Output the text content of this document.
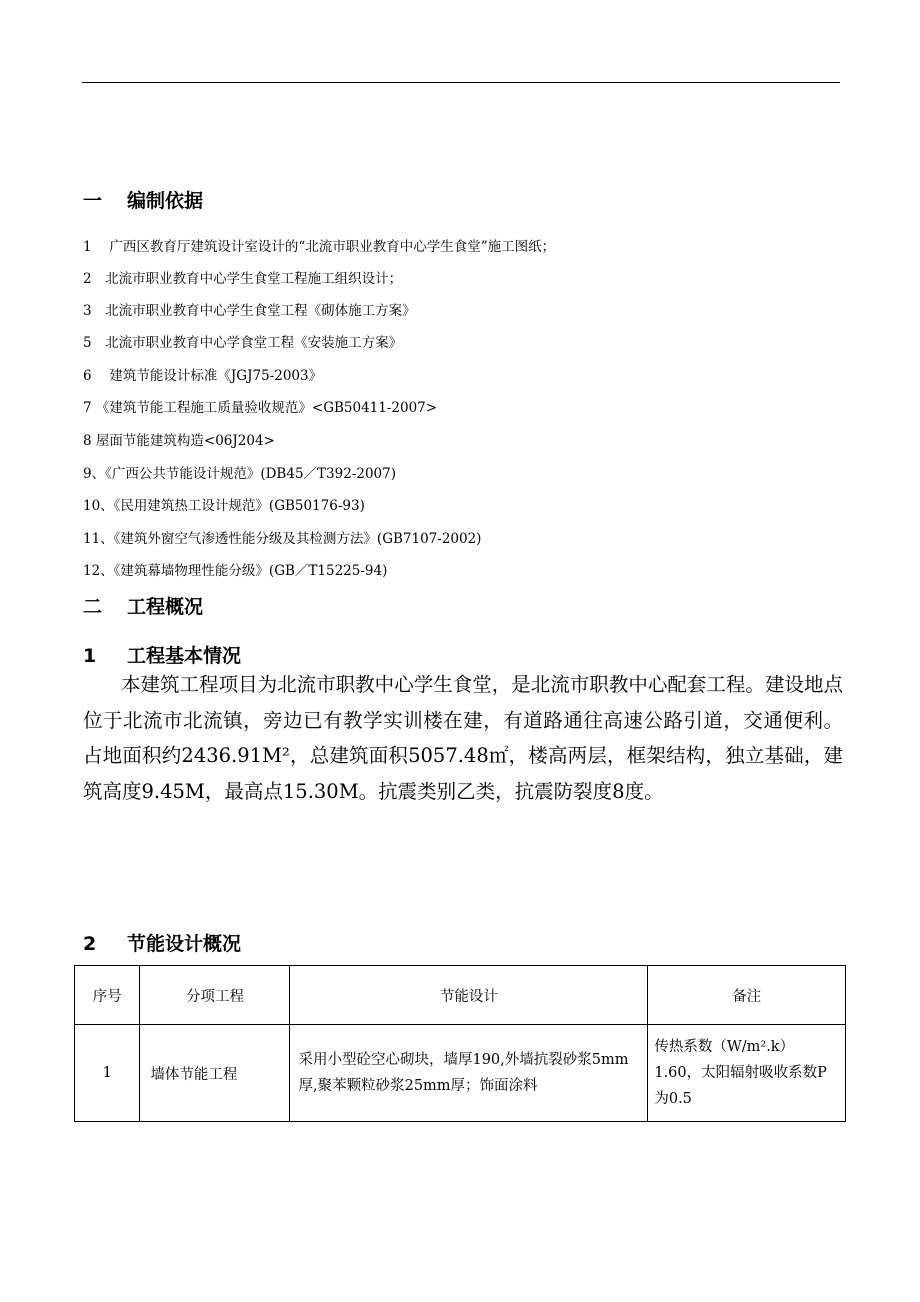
一 编制依据
1　 广西区教育厅建筑设计室设计的“北流市职业教育中心学生食堂”施工图纸；
2　北流市职业教育中心学生食堂工程施工组织设计；
3　北流市职业教育中心学生食堂工程《砌体施工方案》
5　北流市职业教育中心学食堂工程《安装施工方案》
6　 建筑节能设计标准《JGJ75-2003》
7 《建筑节能工程施工质量验收规范》<GB50411-2007>
8 屋面节能建筑构造<06J204>
9、《广西公共节能设计规范》(DB45／T392-2007)
10、《民用建筑热工设计规范》(GB50176-93)
11、《建筑外窗空气渗透性能分级及其检测方法》(GB7107-2002)
12、《建筑幕墙物理性能分级》(GB／T15225-94)
二 工程概况
1 工程基本情况

本建筑工程项目为北流市职教中心学生食堂，是北流市职教中心配套工程。建设地点位于北流市北流镇，旁边已有教学实训楼在建，有道路通往高速公路引道，交通便利。占地面积约2436.91M²，总建筑面积5057.48㎡，楼高两层，框架结构，独立基础，建筑高度9.45M，最高点15.30M。抗震类别乙类，抗震防裂度8度。

2 节能设计概况
序号	分项工程	节能设计	备注
1	墙体节能工程	采用小型砼空心砌块，墙厚190,外墙抗裂砂浆5mm厚,聚苯颗粒砂浆25mm厚；饰面涂料	传热系数（W/m².k）1.60，太阳辐射吸收系数P为0.5
